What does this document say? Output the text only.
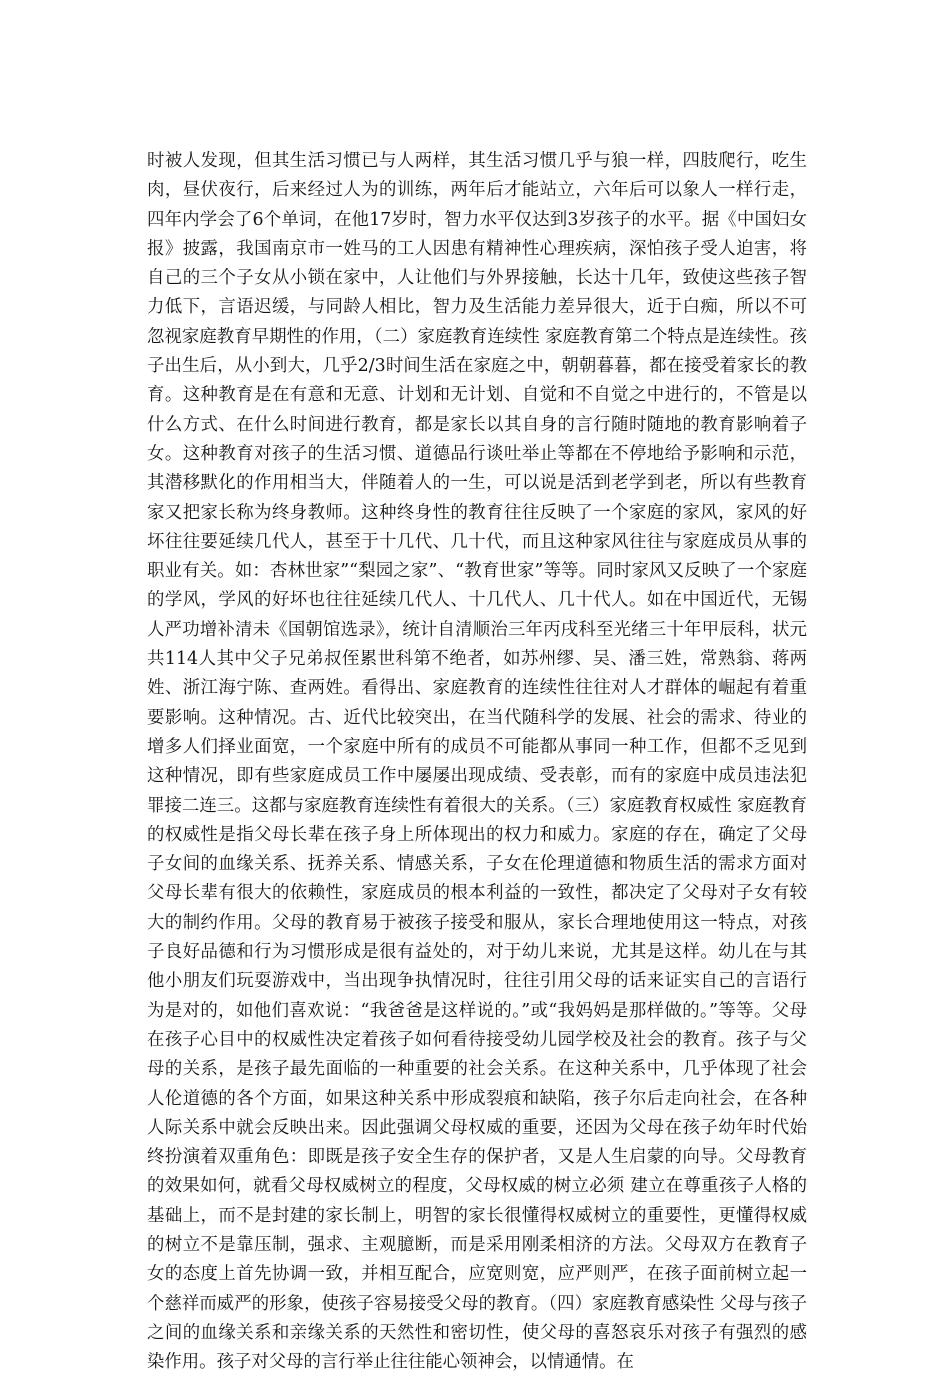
时被人发现，但其生活习惯已与人两样，其生活习惯几乎与狼一样，四肢爬行，吃生肉，昼伏夜行，后来经过人为的训练，两年后才能站立，六年后可以象人一样行走，四年内学会了6个单词，在他17岁时，智力水平仅达到3岁孩子的水平。据《中国妇女报》披露，我国南京市一姓马的工人因患有精神性心理疾病，深怕孩子受人迫害，将自己的三个子女从小锁在家中，人让他们与外界接触，长达十几年，致使这些孩子智力低下，言语迟缓，与同龄人相比，智力及生活能力差异很大，近于白痴，所以不可忽视家庭教育早期性的作用，（二）家庭教育连续性 家庭教育第二个特点是连续性。孩子出生后，从小到大，几乎2/3时间生活在家庭之中，朝朝暮暮，都在接受着家长的教育。这种教育是在有意和无意、计划和无计划、自觉和不自觉之中进行的，不管是以什么方式、在什么时间进行教育，都是家长以其自身的言行随时随地的教育影响着子女。这种教育对孩子的生活习惯、道德品行谈吐举止等都在不停地给予影响和示范，其潜移默化的作用相当大，伴随着人的一生，可以说是活到老学到老，所以有些教育家又把家长称为终身教师。这种终身性的教育往往反映了一个家庭的家风，家风的好坏往往要延续几代人，甚至于十几代、几十代，而且这种家风往往与家庭成员从事的职业有关。如：杏林世家”“梨园之家”、“教育世家”等等。同时家风又反映了一个家庭的学风，学风的好坏也往往延续几代人、十几代人、几十代人。如在中国近代，无锡人严功增补清未《国朝馆选录》，统计自清顺治三年丙戌科至光绪三十年甲辰科，状元共114人其中父子兄弟叔侄累世科第不绝者，如苏州缪、吴、潘三姓，常熟翁、蒋两姓、浙江海宁陈、查两姓。看得出、家庭教育的连续性往往对人才群体的崛起有着重要影响。这种情况。古、近代比较突出，在当代随科学的发展、社会的需求、待业的增多人们择业面宽，一个家庭中所有的成员不可能都从事同一种工作，但都不乏见到这种情况，即有些家庭成员工作中屡屡出现成绩、受表彰，而有的家庭中成员违法犯罪接二连三。这都与家庭教育连续性有着很大的关系。（三）家庭教育权威性 家庭教育的权威性是指父母长辈在孩子身上所体现出的权力和威力。家庭的存在，确定了父母子女间的血缘关系、抚养关系、情感关系，子女在伦理道德和物质生活的需求方面对父母长辈有很大的依赖性，家庭成员的根本利益的一致性，都决定了父母对子女有较大的制约作用。父母的教育易于被孩子接受和服从，家长合理地使用这一特点，对孩子良好品德和行为习惯形成是很有益处的，对于幼儿来说，尤其是这样。幼儿在与其他小朋友们玩耍游戏中，当出现争执情况时，往往引用父母的话来证实自己的言语行为是对的，如他们喜欢说：“我爸爸是这样说的。”或“我妈妈是那样做的。”等等。父母在孩子心目中的权威性决定着孩子如何看待接受幼儿园学校及社会的教育。孩子与父母的关系，是孩子最先面临的一种重要的社会关系。在这种关系中，几乎体现了社会人伦道德的各个方面，如果这种关系中形成裂痕和缺陷，孩子尔后走向社会，在各种人际关系中就会反映出来。因此强调父母权威的重要，还因为父母在孩子幼年时代始终扮演着双重角色：即既是孩子安全生存的保护者，又是人生启蒙的向导。父母教育的效果如何，就看父母权威树立的程度，父母权威的树立必须 建立在尊重孩子人格的基础上，而不是封建的家长制上，明智的家长很懂得权威树立的重要性，更懂得权威的树立不是靠压制，强求、主观臆断，而是采用刚柔相济的方法。父母双方在教育子女的态度上首先协调一致，并相互配合，应宽则宽，应严则严，在孩子面前树立起一个慈祥而威严的形象，使孩子容易接受父母的教育。（四）家庭教育感染性 父母与孩子之间的血缘关系和亲缘关系的天然性和密切性，使父母的喜怒哀乐对孩子有强烈的感染作用。孩子对父母的言行举止往往能心领神会，以情通情。在
